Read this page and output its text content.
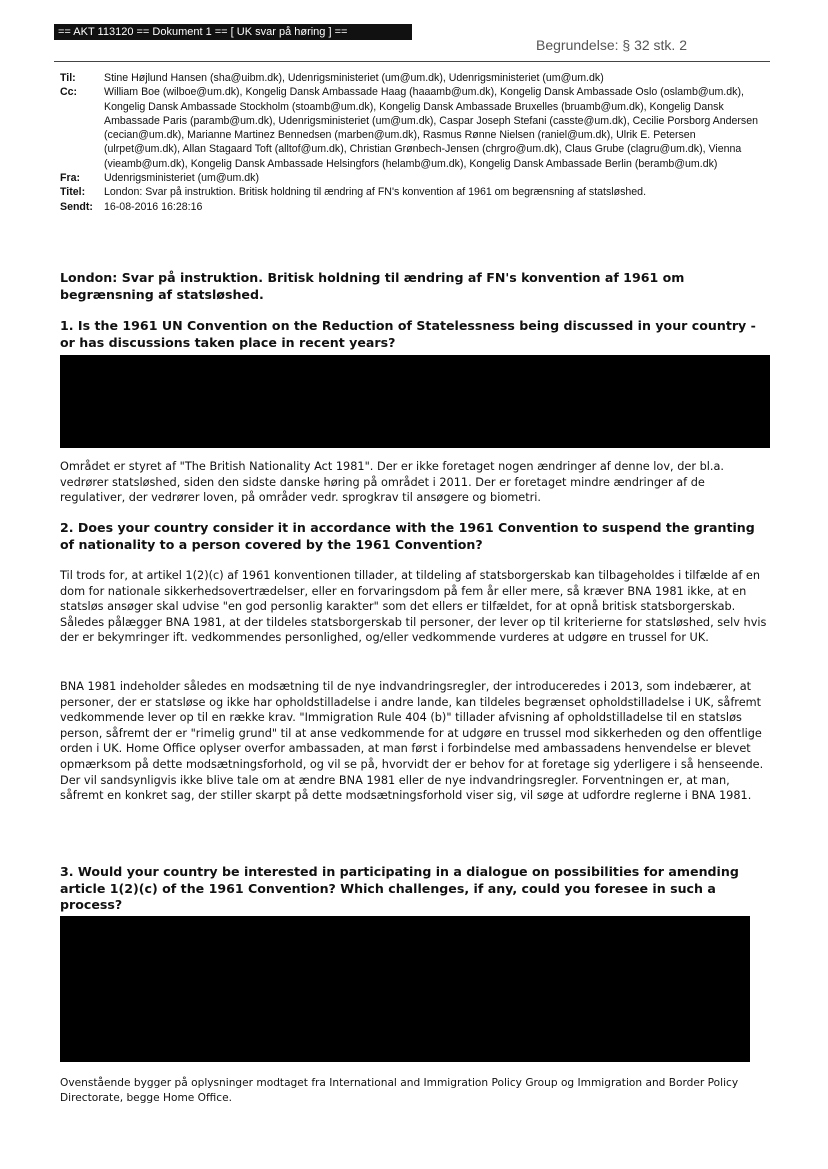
== AKT 113120 == Dokument 1 == [ UK svar på høring ] ==
Begrundelse: § 32 stk. 2
Til:	Stine Højlund Hansen (sha@uibm.dk), Udenrigsministeriet (um@um.dk), Udenrigsministeriet (um@um.dk)
Cc:	William Boe (wilboe@um.dk), Kongelig Dansk Ambassade Haag (haaamb@um.dk), Kongelig Dansk Ambassade Oslo (oslamb@um.dk), Kongelig Dansk Ambassade Stockholm (stoamb@um.dk), Kongelig Dansk Ambassade Bruxelles (bruamb@um.dk), Kongelig Dansk Ambassade Paris (paramb@um.dk), Udenrigsministeriet (um@um.dk), Caspar Joseph Stefani (casste@um.dk), Cecilie Porsborg Andersen (cecian@um.dk), Marianne Martinez Bennedsen (marben@um.dk), Rasmus Rønne Nielsen (raniel@um.dk), Ulrik E. Petersen (ulrpet@um.dk), Allan Stagaard Toft (alltof@um.dk), Christian Grønbech-Jensen (chrgro@um.dk), Claus Grube (clagru@um.dk), Vienna (vieamb@um.dk), Kongelig Dansk Ambassade Helsingfors (helamb@um.dk), Kongelig Dansk Ambassade Berlin (beramb@um.dk)
Fra:	Udenrigsministeriet (um@um.dk)
Titel:	London: Svar på instruktion. Britisk holdning til ændring af FN's konvention af 1961 om begrænsning af statsløshed.
Sendt:	16-08-2016 16:28:16
London: Svar på instruktion. Britisk holdning til ændring af FN's konvention af 1961 om begrænsning af statsløshed.
1. Is the 1961 UN Convention on the Reduction of Statelessness being discussed in your country - or has discussions taken place in recent years?
Området er styret af "The British Nationality Act 1981". Der er ikke foretaget nogen ændringer af denne lov, der bl.a. vedrører statsløshed, siden den sidste danske høring på området i 2011. Der er foretaget mindre ændringer af de regulativer, der vedrører loven, på områder vedr. sprogkrav til ansøgere og biometri.
2. Does your country consider it in accordance with the 1961 Convention to suspend the granting of nationality to a person covered by the 1961 Convention?
Til trods for, at artikel 1(2)(c) af 1961 konventionen tillader, at tildeling af statsborgerskab kan tilbageholdes i tilfælde af en dom for nationale sikkerhedsovertrædelser, eller en forvaringsdom på fem år eller mere, så kræver BNA 1981 ikke, at en statsløs ansøger skal udvise "en god personlig karakter" som det ellers er tilfældet, for at opnå britisk statsborgerskab. Således pålægger BNA 1981, at der tildeles statsborgerskab til personer, der lever op til kriterierne for statsløshed, selv hvis der er bekymringer ift. vedkommendes personlighed, og/eller vedkommende vurderes at udgøre en trussel for UK.
BNA 1981 indeholder således en modsætning til de nye indvandringsregler, der introduceredes i 2013, som indebærer, at personer, der er statsløse og ikke har opholdstilladelse i andre lande, kan tildeles begrænset opholdstilladelse i UK, såfremt vedkommende lever op til en række krav. "Immigration Rule 404 (b)" tillader afvisning af opholdstilladelse til en statsløs person, såfremt der er "rimelig grund" til at anse vedkommende for at udgøre en trussel mod sikkerheden og den offentlige orden i UK. Home Office oplyser overfor ambassaden, at man først i forbindelse med ambassadens henvendelse er blevet opmærksom på dette modsætningsforhold, og vil se på, hvorvidt der er behov for at foretage sig yderligere i så henseende. Der vil sandsynligvis ikke blive tale om at ændre BNA 1981 eller de nye indvandringsregler. Forventningen er, at man, såfremt en konkret sag, der stiller skarpt på dette modsætningsforhold viser sig, vil søge at udfordre reglerne i BNA 1981.
3. Would your country be interested in participating in a dialogue on possibilities for amending article 1(2)(c) of the 1961 Convention? Which challenges, if any, could you foresee in such a process?
Ovenstående bygger på oplysninger modtaget fra International and Immigration Policy Group og Immigration and Border Policy Directorate, begge Home Office.
